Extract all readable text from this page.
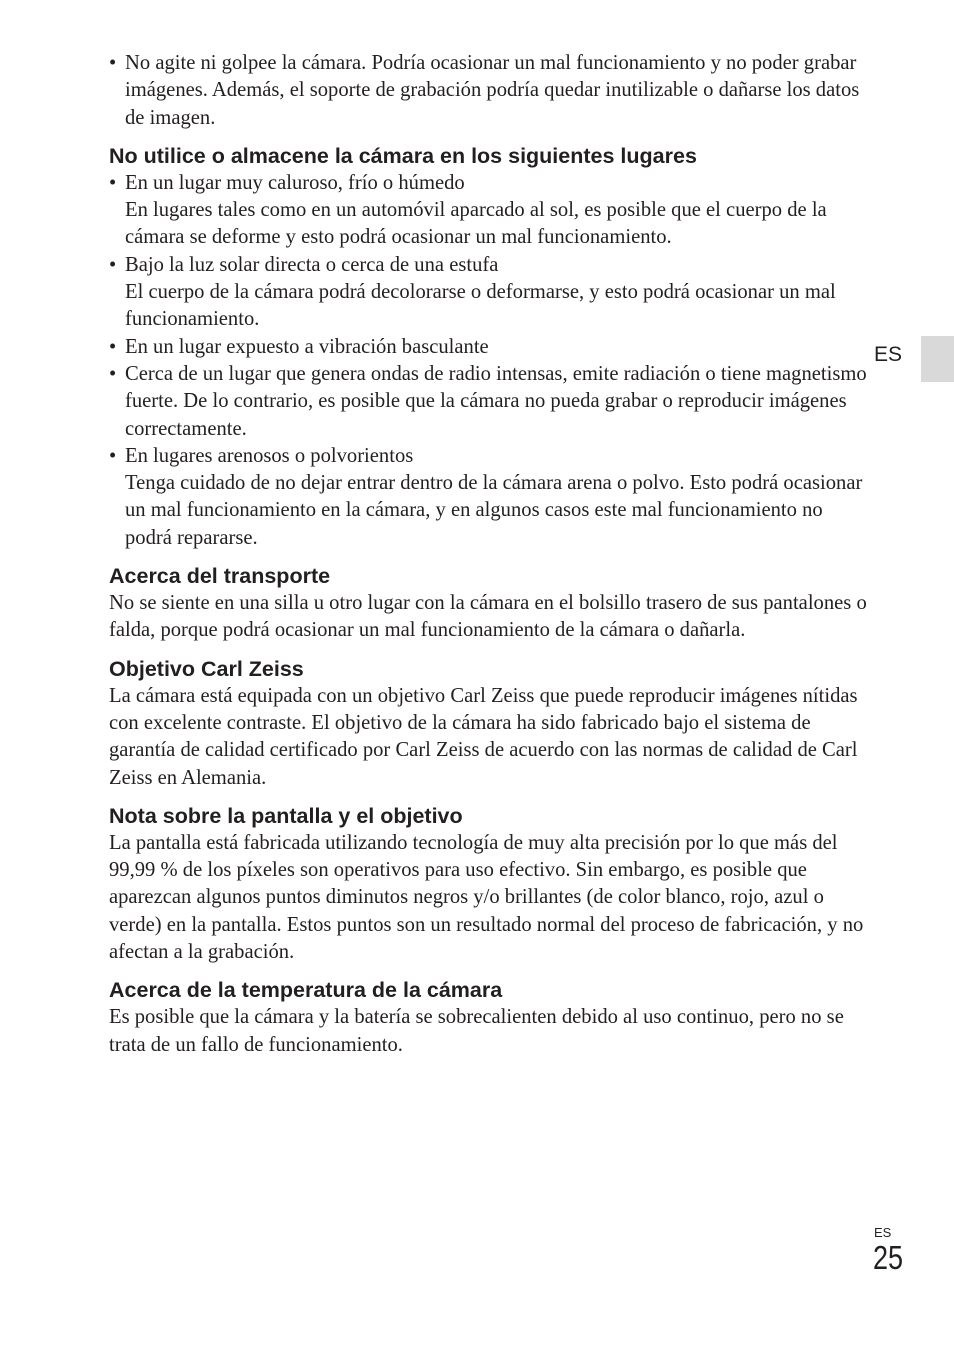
• No agite ni golpee la cámara. Podría ocasionar un mal funcionamiento y no poder grabar imágenes. Además, el soporte de grabación podría quedar inutilizable o dañarse los datos de imagen.
No utilice o almacene la cámara en los siguientes lugares
• En un lugar muy caluroso, frío o húmedo
En lugares tales como en un automóvil aparcado al sol, es posible que el cuerpo de la cámara se deforme y esto podrá ocasionar un mal funcionamiento.
• Bajo la luz solar directa o cerca de una estufa
El cuerpo de la cámara podrá decolorarse o deformarse, y esto podrá ocasionar un mal funcionamiento.
• En un lugar expuesto a vibración basculante
• Cerca de un lugar que genera ondas de radio intensas, emite radiación o tiene magnetismo fuerte. De lo contrario, es posible que la cámara no pueda grabar o reproducir imágenes correctamente.
• En lugares arenosos o polvorientos
Tenga cuidado de no dejar entrar dentro de la cámara arena o polvo. Esto podrá ocasionar un mal funcionamiento en la cámara, y en algunos casos este mal funcionamiento no podrá repararse.
Acerca del transporte

No se siente en una silla u otro lugar con la cámara en el bolsillo trasero de sus pantalones o falda, porque podrá ocasionar un mal funcionamiento de la cámara o dañarla.

Objetivo Carl Zeiss

La cámara está equipada con un objetivo Carl Zeiss que puede reproducir imágenes nítidas con excelente contraste. El objetivo de la cámara ha sido fabricado bajo el sistema de garantía de calidad certificado por Carl Zeiss de acuerdo con las normas de calidad de Carl Zeiss en Alemania.

Nota sobre la pantalla y el objetivo

La pantalla está fabricada utilizando tecnología de muy alta precisión por lo que más del 99,99 % de los píxeles son operativos para uso efectivo. Sin embargo, es posible que aparezcan algunos puntos diminutos negros y/o brillantes (de color blanco, rojo, azul o verde) en la pantalla. Estos puntos son un resultado normal del proceso de fabricación, y no afectan a la grabación.

Acerca de la temperatura de la cámara

Es posible que la cámara y la batería se sobrecalienten debido al uso continuo, pero no se trata de un fallo de funcionamiento.

ES
ES
25
